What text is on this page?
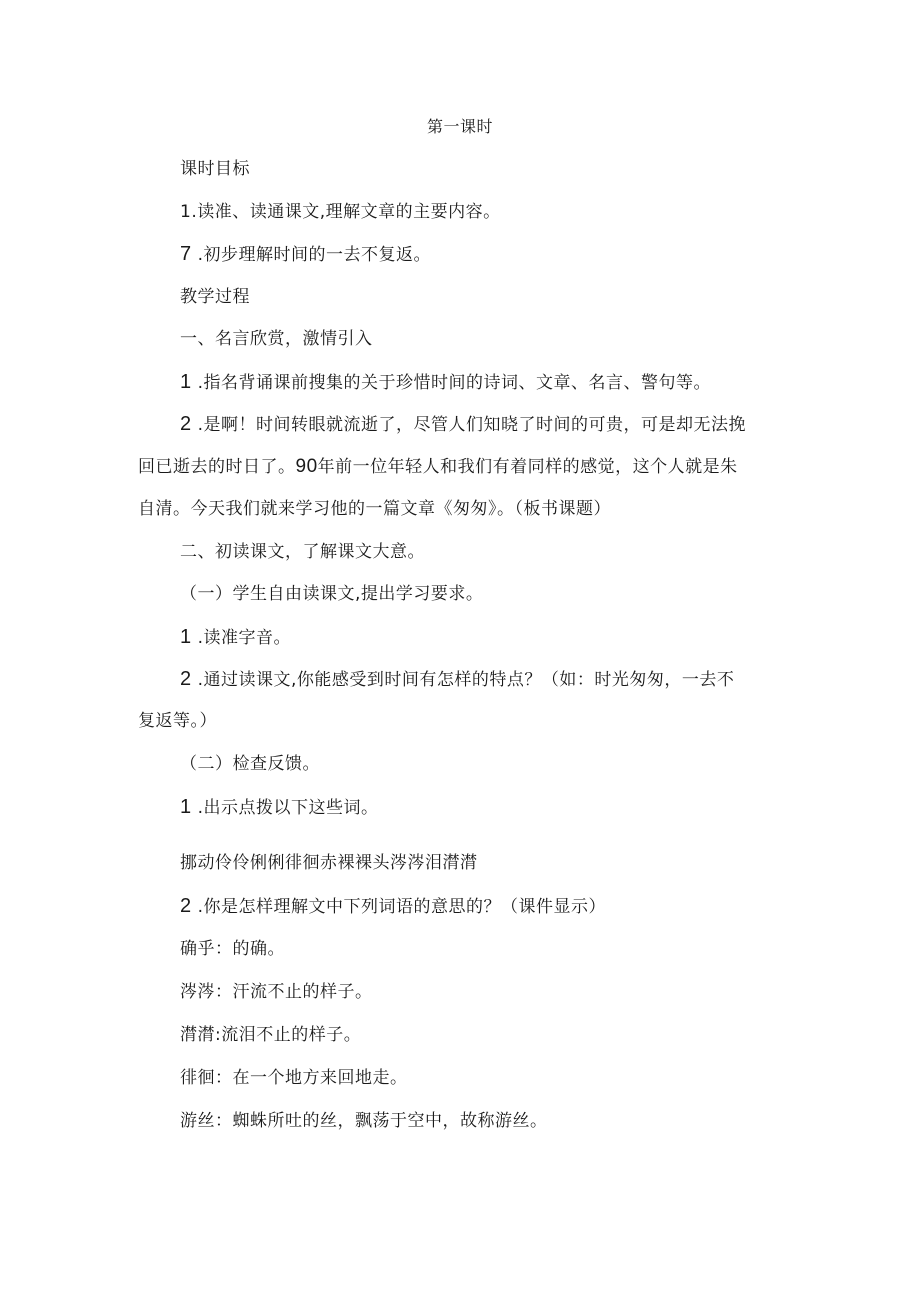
第一课时
课时目标
1.读准、读通课文,理解文章的主要内容。
7 .初步理解时间的一去不复返。
教学过程
一、名言欣赏，激情引入
1 .指名背诵课前搜集的关于珍惜时间的诗词、文章、名言、警句等。
2 .是啊！时间转眼就流逝了，尽管人们知晓了时间的可贵，可是却无法挽
回已逝去的时日了。90年前一位年轻人和我们有着同样的感觉，这个人就是朱
自清。今天我们就来学习他的一篇文章《匆匆》。（板书课题）
二、初读课文，了解课文大意。
（一）学生自由读课文,提出学习要求。
1 .读准字音。
2 .通过读课文,你能感受到时间有怎样的特点？（如：时光匆匆，一去不
复返等。）
（二）检查反馈。
1 .出示点拨以下这些词。
挪动伶伶俐俐徘徊赤裸裸头涔涔泪潸潸
2 .你是怎样理解文中下列词语的意思的？（课件显示）
确乎：的确。
涔涔：汗流不止的样子。
潸潸:流泪不止的样子。
徘徊：在一个地方来回地走。
游丝：蜘蛛所吐的丝，飘荡于空中，故称游丝。
